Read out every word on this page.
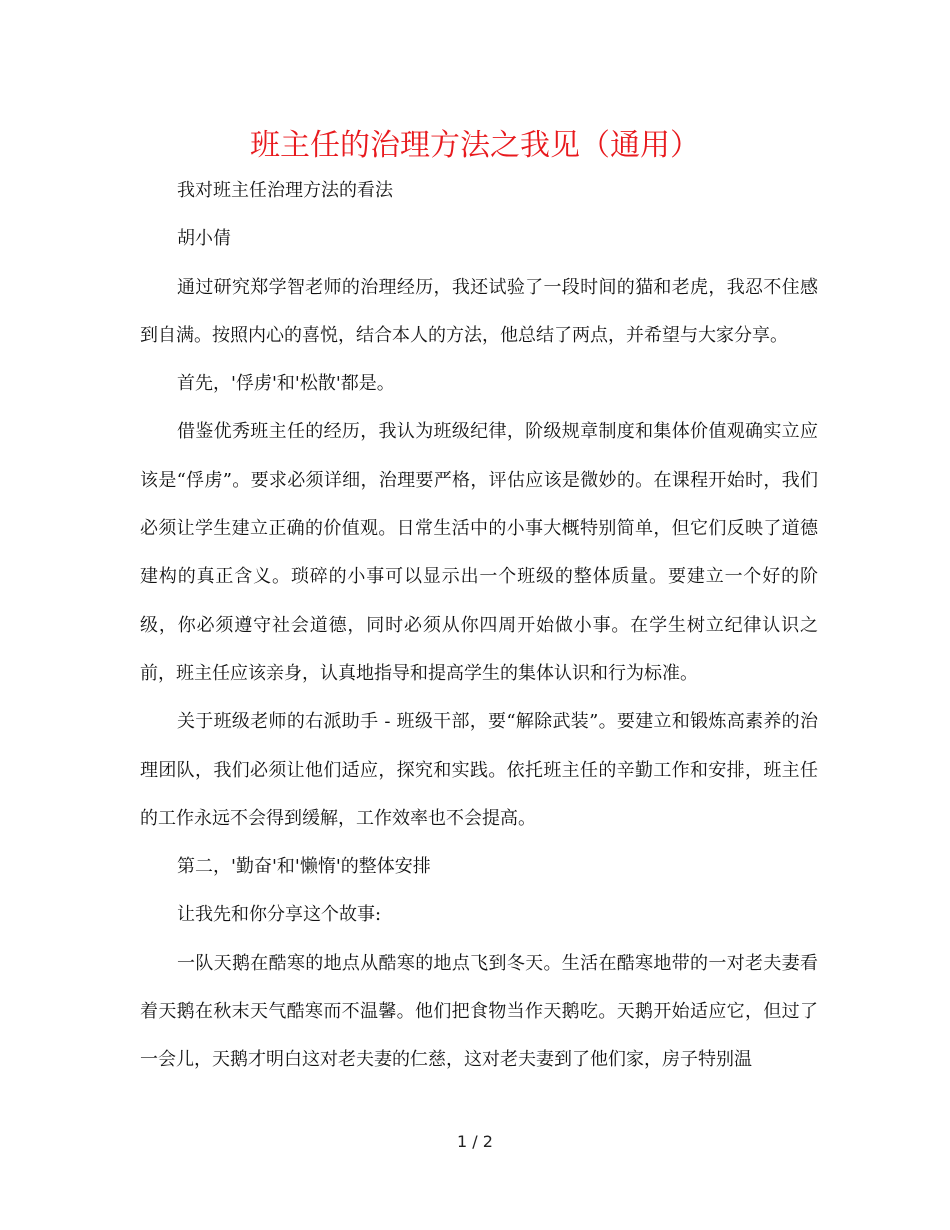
班主任的治理方法之我见（通用）

我对班主任治理方法的看法

胡小倩

通过研究郑学智老师的治理经历，我还试验了一段时间的猫和老虎，我忍不住感到自满。按照内心的喜悦，结合本人的方法，他总结了两点，并希望与大家分享。

首先，'俘虏'和'松散'都是。

借鉴优秀班主任的经历，我认为班级纪律，阶级规章制度和集体价值观确实立应该是“俘虏”。要求必须详细，治理要严格，评估应该是微妙的。在课程开始时，我们必须让学生建立正确的价值观。日常生活中的小事大概特别简单，但它们反映了道德建构的真正含义。琐碎的小事可以显示出一个班级的整体质量。要建立一个好的阶级，你必须遵守社会道德，同时必须从你四周开始做小事。在学生树立纪律认识之前，班主任应该亲身，认真地指导和提高学生的集体认识和行为标准。

关于班级老师的右派助手 - 班级干部，要“解除武装”。要建立和锻炼高素养的治理团队，我们必须让他们适应，探究和实践。依托班主任的辛勤工作和安排，班主任的工作永远不会得到缓解，工作效率也不会提高。

第二，'勤奋'和'懒惰'的整体安排

让我先和你分享这个故事:

一队天鹅在酷寒的地点从酷寒的地点飞到冬天。生活在酷寒地带的一对老夫妻看着天鹅在秋末天气酷寒而不温馨。他们把食物当作天鹅吃。天鹅开始适应它，但过了一会儿，天鹅才明白这对老夫妻的仁慈，这对老夫妻到了他们家，房子特别温

1 / 2
